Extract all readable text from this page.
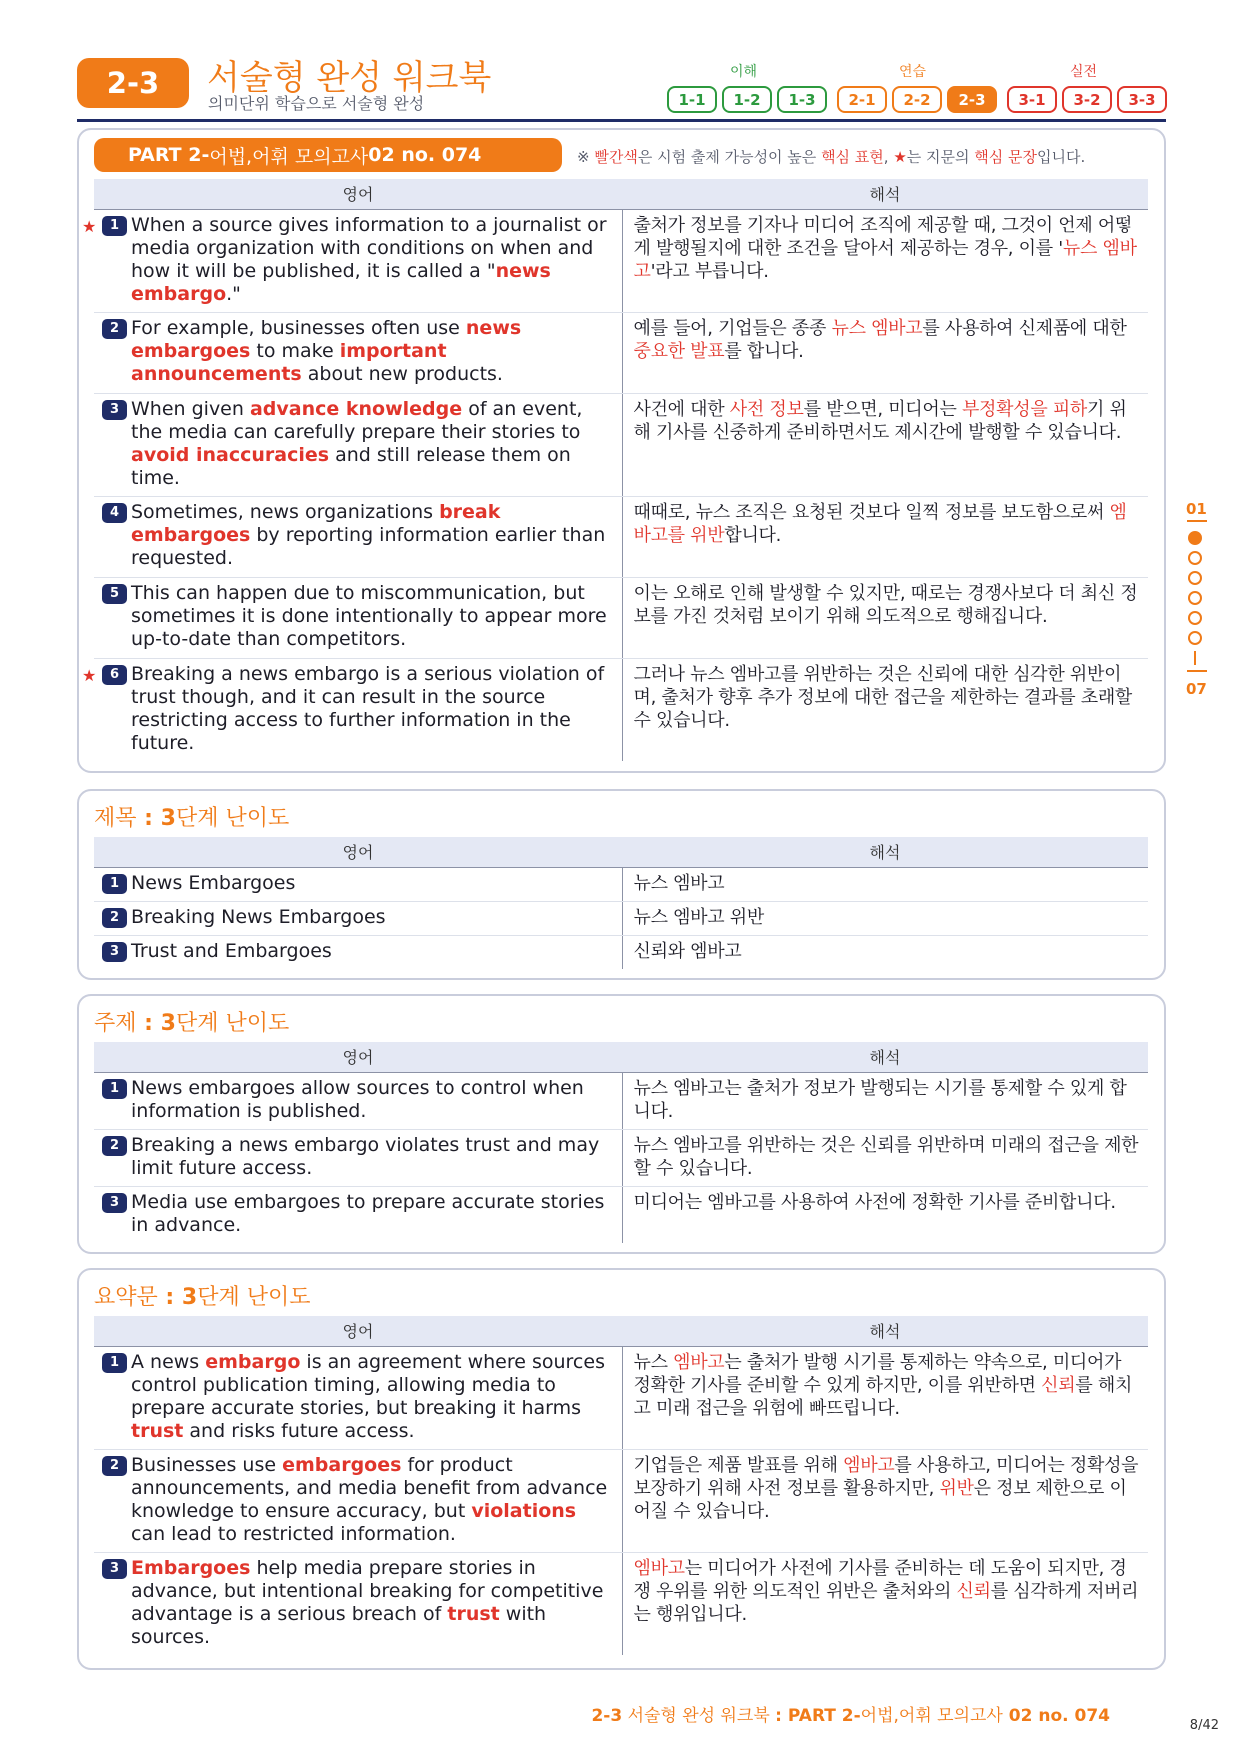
2-3	서술형 완성 워크북
의미단위 학습으로 서술형 완성
이해	연습	실전
1-1	1-2	1-3	2-1	2-2	2-3	3-1	3-2	3-3
01
07
PART 2- 어법,어휘 모의고사 02 no. 074	※ 빨간색은 시험 출제 가능성이 높은 핵심 표현, ★는 지문의 핵심 문장입니다.
영어	해석

★ 1 When a source gives information to a journalist or media organization with conditions on when and how it will be published, it is called a "news embargo."	출처가 정보를 기자나 미디어 조직에 제공할 때, 그것이 언제 어떻게 발행될지에 대한 조건을 달아서 제공하는 경우, 이를 '뉴스 엠바고'라고 부릅니다.

2 For example, businesses often use news embargoes to make important announcements about new products.	예를 들어, 기업들은 종종 뉴스 엠바고를 사용하여 신제품에 대한 중요한 발표를 합니다.

3 When given advance knowledge of an event, the media can carefully prepare their stories to avoid inaccuracies and still release them on time.	사건에 대한 사전 정보를 받으면, 미디어는 부정확성을 피하기 위해 기사를 신중하게 준비하면서도 제시간에 발행할 수 있습니다.

4 Sometimes, news organizations break embargoes by reporting information earlier than requested.	때때로, 뉴스 조직은 요청된 것보다 일찍 정보를 보도함으로써 엠바고를 위반합니다.

5 This can happen due to miscommunication, but sometimes it is done intentionally to appear more up-to-date than competitors.	이는 오해로 인해 발생할 수 있지만, 때로는 경쟁사보다 더 최신 정보를 가진 것처럼 보이기 위해 의도적으로 행해집니다.

★ 6 Breaking a news embargo is a serious violation of trust though, and it can result in the source restricting access to further information in the future.	그러나 뉴스 엠바고를 위반하는 것은 신뢰에 대한 심각한 위반이며, 출처가 향후 추가 정보에 대한 접근을 제한하는 결과를 초래할 수 있습니다.
제목 : 3단계 난이도
영어	해석

1 News Embargoes	뉴스 엠바고

2 Breaking News Embargoes	뉴스 엠바고 위반

3 Trust and Embargoes	신뢰와 엠바고
주제 : 3단계 난이도
영어	해석

1 News embargoes allow sources to control when information is published.	뉴스 엠바고는 출처가 정보가 발행되는 시기를 통제할 수 있게 합니다.

2 Breaking a news embargo violates trust and may limit future access.	뉴스 엠바고를 위반하는 것은 신뢰를 위반하며 미래의 접근을 제한할 수 있습니다.

3 Media use embargoes to prepare accurate stories in advance.	미디어는 엠바고를 사용하여 사전에 정확한 기사를 준비합니다.
요약문 : 3단계 난이도
영어	해석

1 A news embargo is an agreement where sources control publication timing, allowing media to prepare accurate stories, but breaking it harms trust and risks future access.	뉴스 엠바고는 출처가 발행 시기를 통제하는 약속으로, 미디어가 정확한 기사를 준비할 수 있게 하지만, 이를 위반하면 신뢰를 해치고 미래 접근을 위험에 빠뜨립니다.

2 Businesses use embargoes for product announcements, and media benefit from advance knowledge to ensure accuracy, but violations can lead to restricted information.	기업들은 제품 발표를 위해 엠바고를 사용하고, 미디어는 정확성을 보장하기 위해 사전 정보를 활용하지만, 위반은 정보 제한으로 이어질 수 있습니다.

3 Embargoes help media prepare stories in advance, but intentional breaking for competitive advantage is a serious breach of trust with sources.	엠바고는 미디어가 사전에 기사를 준비하는 데 도움이 되지만, 경쟁 우위를 위한 의도적인 위반은 출처와의 신뢰를 심각하게 저버리는 행위입니다.
2-3 서술형 완성 워크북 : PART 2-어법,어휘 모의고사 02 no. 074	8/42
